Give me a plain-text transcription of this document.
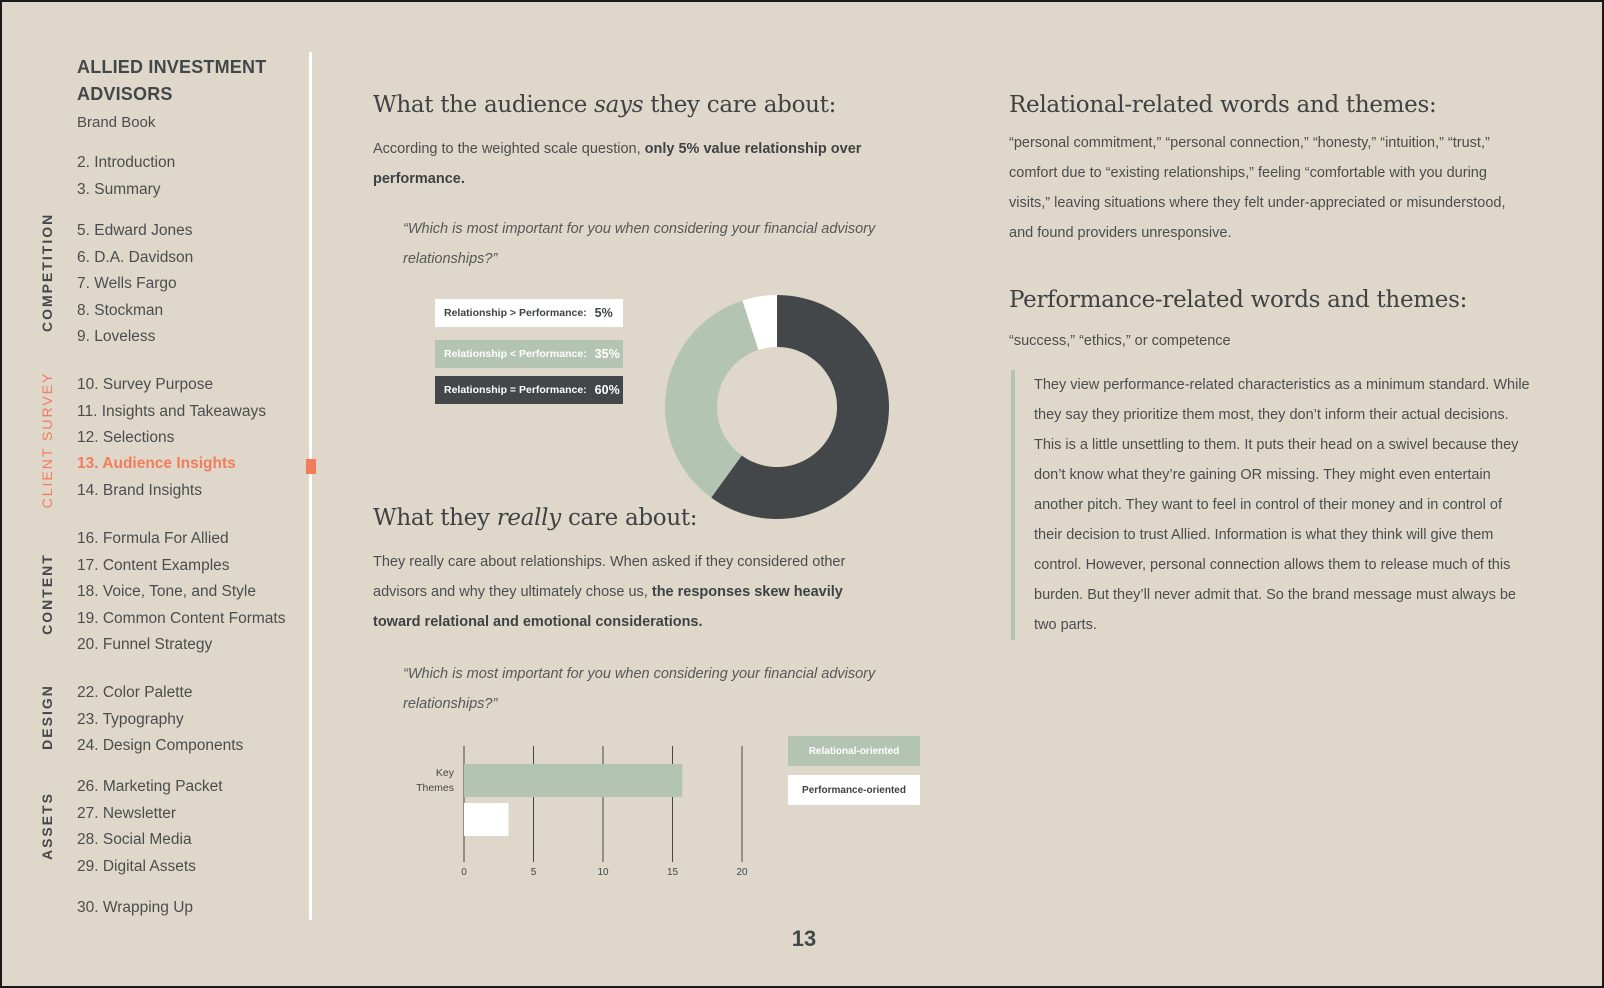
ALLIED INVESTMENT
ADVISORS
Brand Book
2. Introduction
3. Summary
5. Edward Jones
6. D.A. Davidson
7. Wells Fargo
8. Stockman
9. Loveless
10. Survey Purpose
11. Insights and Takeaways
12. Selections
13. Audience Insights
14. Brand Insights
16. Formula For Allied
17. Content Examples
18. Voice, Tone, and Style
19. Common Content Formats
20. Funnel Strategy
22. Color Palette
23. Typography
24. Design Components
26. Marketing Packet
27. Newsletter
28. Social Media
29. Digital Assets
30. Wrapping Up
COMPETITION
CLIENT SURVEY
CONTENT
DESIGN
ASSETS
What the audience says they care about:
According to the weighted scale question, only 5% value relationship over performance.
“Which is most important for you when considering your financial advisory relationships?”
Relationship > Performance: 5%
Relationship < Performance: 35%
Relationship = Performance: 60%
What they really care about:
They really care about relationships. When asked if they considered other advisors and why they ultimately chose us, the responses skew heavily toward relational and emotional considerations.
“Which is most important for you when considering your financial advisory relationships?”
0	5	10	15	20
Key
Themes
Relational-oriented
Performance-oriented
Relational-related words and themes:
“personal commitment,” “personal connection,” “honesty,” “intuition,” “trust,” comfort due to “existing relationships,” feeling “comfortable with you during visits,” leaving situations where they felt under-appreciated or misunderstood, and found providers unresponsive.
Performance-related words and themes:
“success,” “ethics,” or competence
They view performance-related characteristics as a minimum standard. While they say they prioritize them most, they don’t inform their actual decisions. This is a little unsettling to them. It puts their head on a swivel because they don’t know what they’re gaining OR missing. They might even entertain another pitch. They want to feel in control of their money and in control of their decision to trust Allied. Information is what they think will give them control. However, personal connection allows them to release much of this burden. But they’ll never admit that. So the brand message must always be two parts.
13
